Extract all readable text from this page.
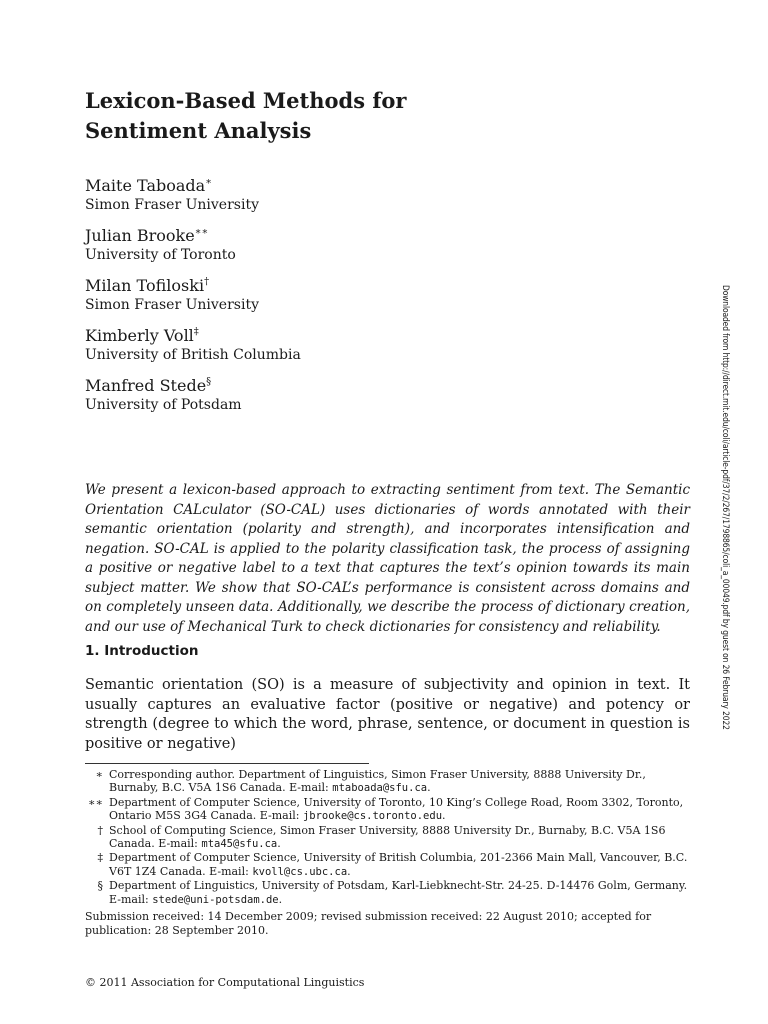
Lexicon-Based Methods for
Sentiment Analysis
Maite Taboada∗
Simon Fraser University
Julian Brooke∗∗
University of Toronto
Milan Tofiloski†
Simon Fraser University
Kimberly Voll‡
University of British Columbia
Manfred Stede§
University of Potsdam

We present a lexicon-based approach to extracting sentiment from text. The Semantic Orientation CALculator (SO-CAL) uses dictionaries of words annotated with their semantic orientation (polarity and strength), and incorporates intensification and negation. SO-CAL is applied to the polarity classification task, the process of assigning a positive or negative label to a text that captures the text’s opinion towards its main subject matter. We show that SO-CAL’s performance is consistent across domains and on completely unseen data. Additionally, we describe the process of dictionary creation, and our use of Mechanical Turk to check dictionaries for consistency and reliability.

1. Introduction

Semantic orientation (SO) is a measure of subjectivity and opinion in text. It usually captures an evaluative factor (positive or negative) and potency or strength (degree to which the word, phrase, sentence, or document in question is positive or negative)

∗ Corresponding author. Department of Linguistics, Simon Fraser University, 8888 University Dr., Burnaby, B.C. V5A 1S6 Canada. E-mail: mtaboada@sfu.ca.
∗∗ Department of Computer Science, University of Toronto, 10 King’s College Road, Room 3302, Toronto, Ontario M5S 3G4 Canada. E-mail: jbrooke@cs.toronto.edu.
† School of Computing Science, Simon Fraser University, 8888 University Dr., Burnaby, B.C. V5A 1S6 Canada. E-mail: mta45@sfu.ca.
‡ Department of Computer Science, University of British Columbia, 201-2366 Main Mall, Vancouver, B.C. V6T 1Z4 Canada. E-mail: kvoll@cs.ubc.ca.
§ Department of Linguistics, University of Potsdam, Karl-Liebknecht-Str. 24-25. D-14476 Golm, Germany. E-mail: stede@uni-potsdam.de.

Submission received: 14 December 2009; revised submission received: 22 August 2010; accepted for publication: 28 September 2010.

© 2011 Association for Computational Linguistics

Downloaded from http://direct.mit.edu/coli/article-pdf/37/2/267/1798865/coli_a_00049.pdf by guest on 26 February 2022
